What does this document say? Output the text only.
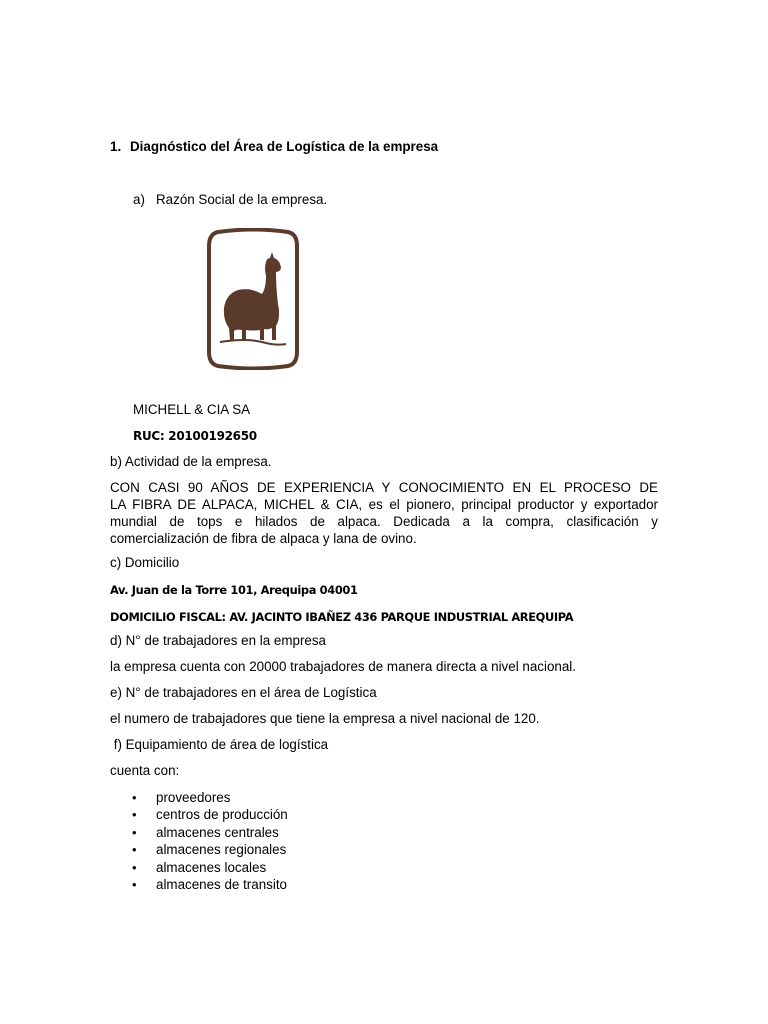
1. Diagnóstico del Área de Logística de la empresa
a) Razón Social de la empresa.
MICHELL & CIA SA
RUC: 20100192650
b) Actividad de la empresa.
CON CASI 90 AÑOS DE EXPERIENCIA Y CONOCIMIENTO EN EL PROCESO DE
LA FIBRA DE ALPACA, MICHEL & CIA, es el pionero, principal productor y exportador
mundial de tops e hilados de alpaca. Dedicada a la compra, clasificación y
comercialización de fibra de alpaca y lana de ovino.
c) Domicilio
Av. Juan de la Torre 101, Arequipa 04001
DOMICILIO FISCAL: AV. JACINTO IBAÑEZ 436 PARQUE INDUSTRIAL AREQUIPA
d) N° de trabajadores en la empresa
la empresa cuenta con 20000 trabajadores de manera directa a nivel nacional.
e) N° de trabajadores en el área de Logística
el numero de trabajadores que tiene la empresa a nivel nacional de 120.
f) Equipamiento de área de logística
cuenta con:
• proveedores
• centros de producción
• almacenes centrales
• almacenes regionales
• almacenes locales
• almacenes de transito
